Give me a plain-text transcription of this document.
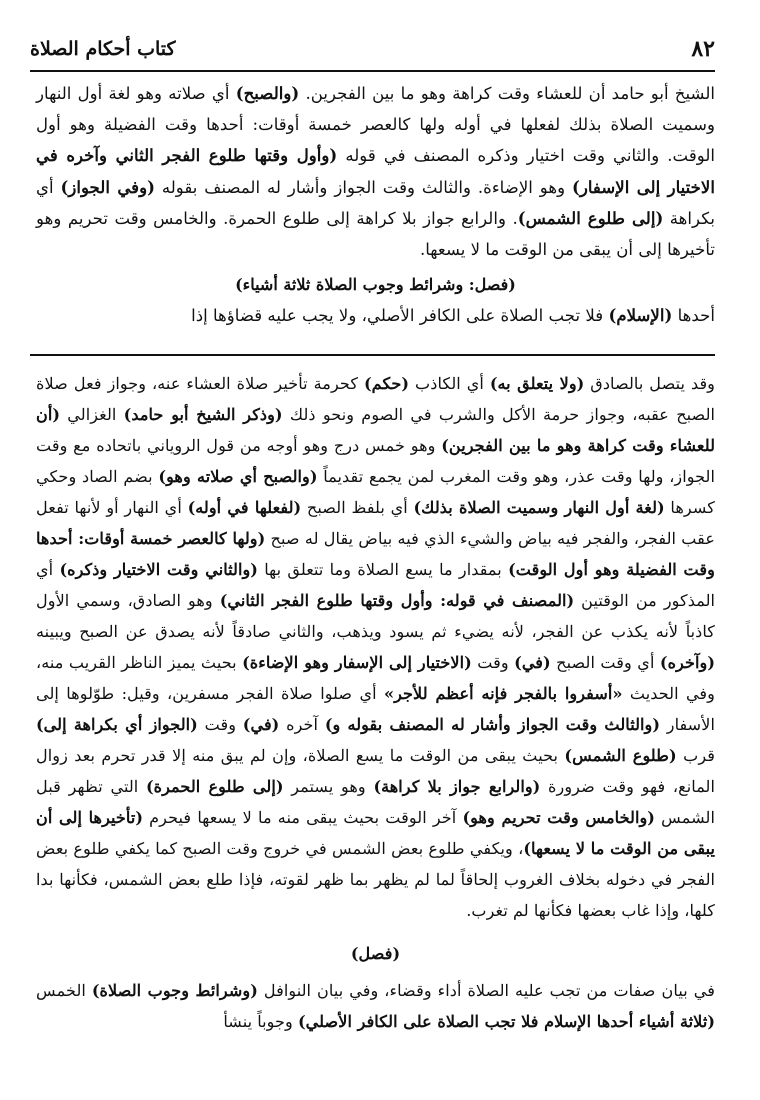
٨٢
كتاب أحكام الصلاة

الشيخ أبو حامد أن للعشاء وقت كراهة وهو ما بين الفجرين. (والصبح) أي صلاته وهو لغة أول النهار وسميت الصلاة بذلك لفعلها في أوله ولها كالعصر خمسة أوقات: أحدها وقت الفضيلة وهو أول الوقت. والثاني وقت اختيار وذكره المصنف في قوله (وأول وقتها طلوع الفجر الثاني وآخره في الاختيار إلى الإسفار) وهو الإضاءة. والثالث وقت الجواز وأشار له المصنف بقوله (وفي الجواز) أي بكراهة (إلى طلوع الشمس). والرابع جواز بلا كراهة إلى طلوع الحمرة. والخامس وقت تحريم وهو تأخيرها إلى أن يبقى من الوقت ما لا يسعها.

(فصل: وشرائط وجوب الصلاة ثلاثة أشياء)

أحدها (الإسلام) فلا تجب الصلاة على الكافر الأصلي، ولا يجب عليه قضاؤها إذا

وقد يتصل بالصادق (ولا يتعلق به) أي الكاذب (حكم) كحرمة تأخير صلاة العشاء عنه، وجواز فعل صلاة الصبح عقبه، وجواز حرمة الأكل والشرب في الصوم ونحو ذلك (وذكر الشيخ أبو حامد) الغزالي (أن للعشاء وقت كراهة وهو ما بين الفجرين) وهو خمس درج وهو أوجه من قول الروياني باتحاده مع وقت الجواز، ولها وقت عذر، وهو وقت المغرب لمن يجمع تقديماً (والصبح أي صلاته وهو) بضم الصاد وحكي كسرها (لغة أول النهار وسميت الصلاة بذلك) أي بلفظ الصبح (لفعلها في أوله) أي النهار أو لأنها تفعل عقب الفجر، والفجر فيه بياض والشيء الذي فيه بياض يقال له صبح (ولها كالعصر خمسة أوقات: أحدها وقت الفضيلة وهو أول الوقت) بمقدار ما يسع الصلاة وما تتعلق بها (والثاني وقت الاختيار وذكره) أي المذكور من الوقتين (المصنف في قوله: وأول وقتها طلوع الفجر الثاني) وهو الصادق، وسمي الأول كاذباً لأنه يكذب عن الفجر، لأنه يضيء ثم يسود ويذهب، والثاني صادقاً لأنه يصدق عن الصبح ويبينه (وآخره) أي وقت الصبح (في) وقت (الاختيار إلى الإسفار وهو الإضاءة) بحيث يميز الناظر القريب منه، وفي الحديث «أسفروا بالفجر فإنه أعظم للأجر» أي صلوا صلاة الفجر مسفرين، وقيل: طوّلوها إلى الأسفار (والثالث وقت الجواز وأشار له المصنف بقوله و) آخره (في) وقت (الجواز أي بكراهة إلى) قرب (طلوع الشمس) بحيث يبقى من الوقت ما يسع الصلاة، وإن لم يبق منه إلا قدر تحرم بعد زوال المانع، فهو وقت ضرورة (والرابع جواز بلا كراهة) وهو يستمر (إلى طلوع الحمرة) التي تظهر قبل الشمس (والخامس وقت تحريم وهو) آخر الوقت بحيث يبقى منه ما لا يسعها فيحرم (تأخيرها إلى أن يبقى من الوقت ما لا يسعها)، ويكفي طلوع بعض الشمس في خروج وقت الصبح كما يكفي طلوع بعض الفجر في دخوله بخلاف الغروب إلحاقاً لما لم يظهر بما ظهر لقوته، فإذا طلع بعض الشمس، فكأنها بدا كلها، وإذا غاب بعضها فكأنها لم تغرب.

(فصل)

في بيان صفات من تجب عليه الصلاة أداء وقضاء، وفي بيان النوافل (وشرائط وجوب الصلاة) الخمس (ثلاثة أشياء أحدها الإسلام فلا تجب الصلاة على الكافر الأصلي) وجوباً ينشأ
